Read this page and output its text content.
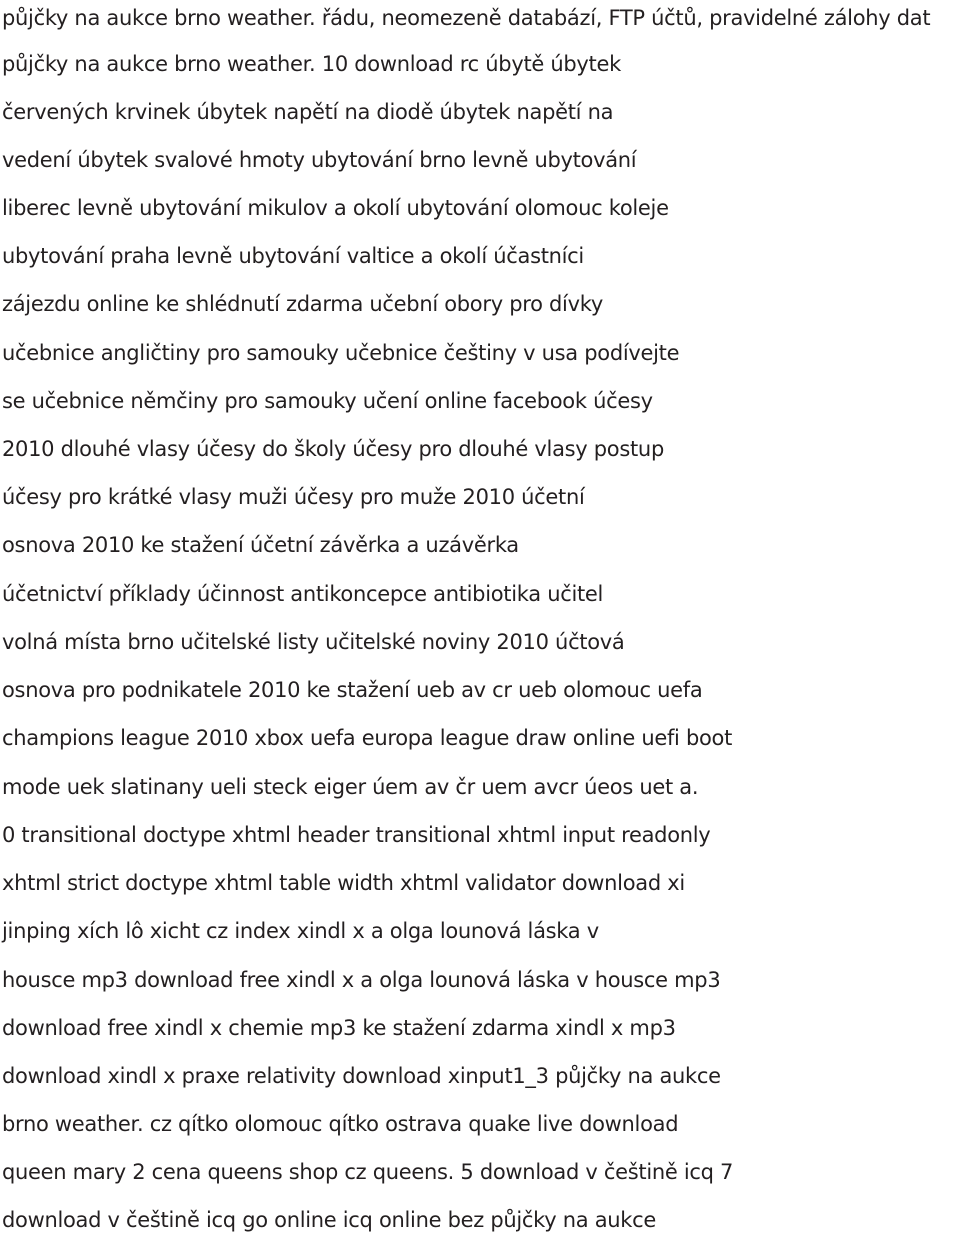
půjčky na aukce brno weather. řádu, neomezeně databází, FTP účtů, pravidelné zálohy dat
půjčky na aukce brno weather. 10 download rc úbytě úbytek
červených krvinek úbytek napětí na diodě úbytek napětí na
vedení úbytek svalové hmoty ubytování brno levně ubytování
liberec levně ubytování mikulov a okolí ubytování olomouc koleje
ubytování praha levně ubytování valtice a okolí účastníci
zájezdu online ke shlédnutí zdarma učební obory pro dívky
učebnice angličtiny pro samouky učebnice češtiny v usa podívejte
se učebnice němčiny pro samouky učení online facebook účesy
2010 dlouhé vlasy účesy do školy účesy pro dlouhé vlasy postup
účesy pro krátké vlasy muži účesy pro muže 2010 účetní
osnova 2010 ke stažení účetní závěrka a uzávěrka
účetnictví příklady účinnost antikoncepce antibiotika učitel
volná místa brno učitelské listy učitelské noviny 2010 účtová
osnova pro podnikatele 2010 ke stažení ueb av cr ueb olomouc uefa
champions league 2010 xbox uefa europa league draw online uefi boot
mode uek slatinany ueli steck eiger úem av čr uem avcr úeos uet a.
0 transitional doctype xhtml header transitional xhtml input readonly
xhtml strict doctype xhtml table width xhtml validator download xi
jinping xích lô xicht cz index xindl x a olga lounová láska v
housce mp3 download free xindl x a olga lounová láska v housce mp3
download free xindl x chemie mp3 ke stažení zdarma xindl x mp3
download xindl x praxe relativity download xinput1_3 půjčky na aukce
brno weather. cz qítko olomouc qítko ostrava quake live download
queen mary 2 cena queens shop cz queens. 5 download v češtině icq 7
download v češtině icq go online icq online bez půjčky na aukce
